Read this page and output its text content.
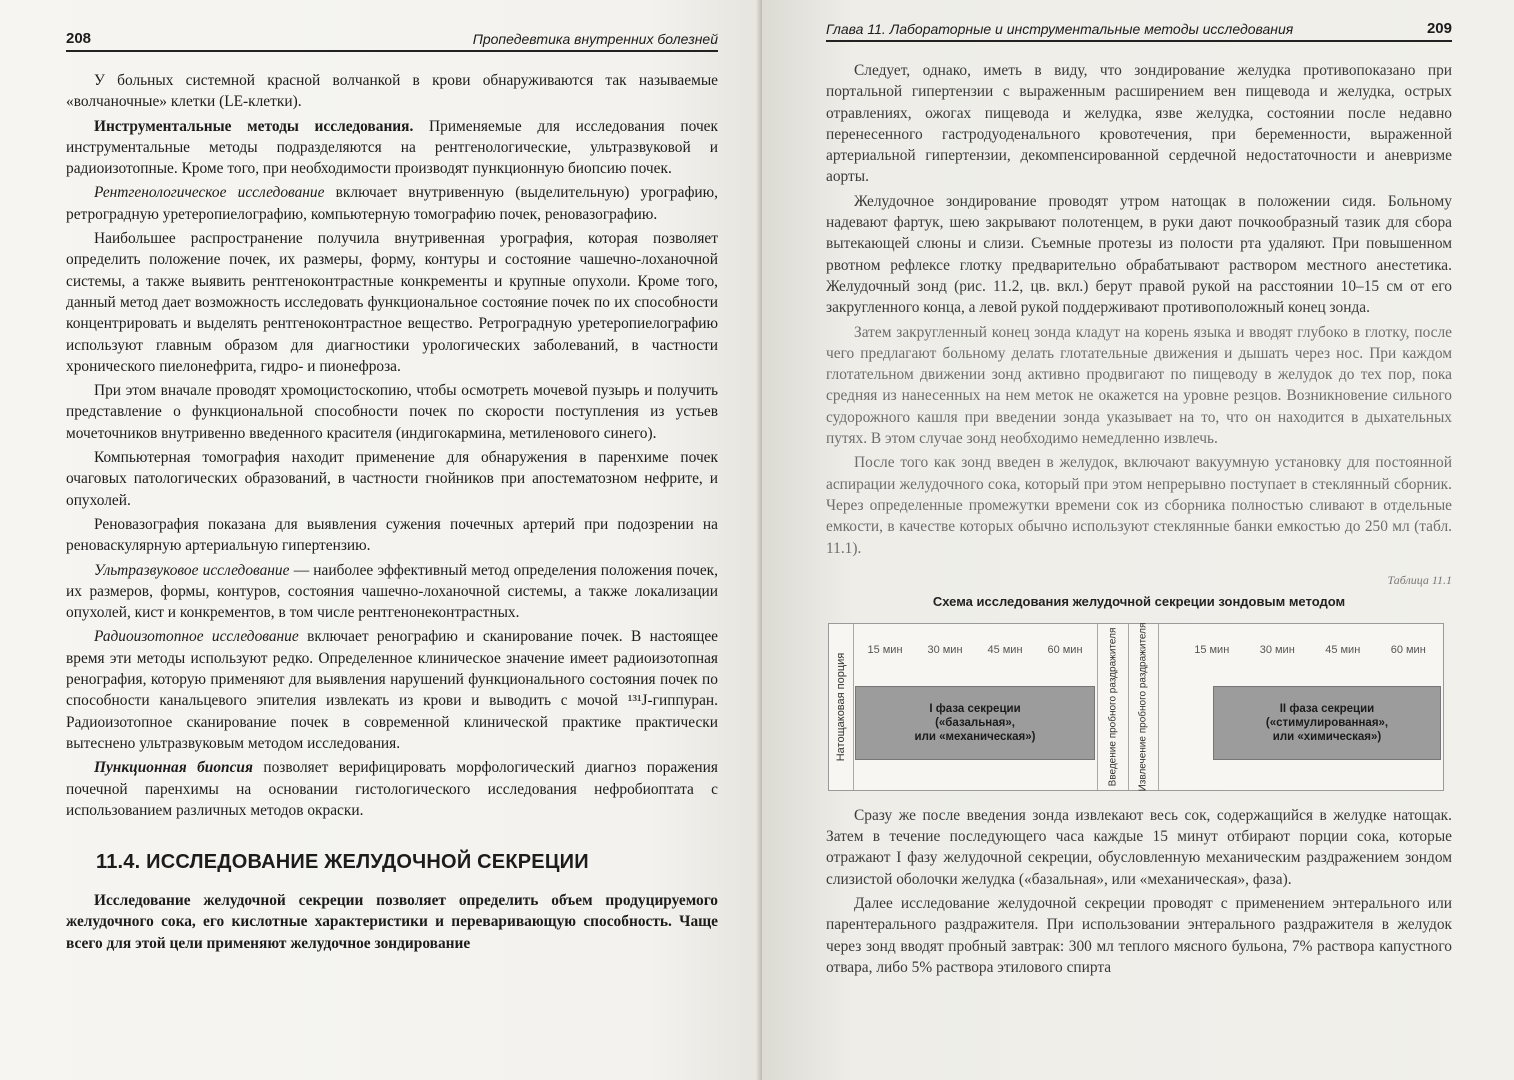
208	Пропедевтика внутренних болезней

У больных системной красной волчанкой в крови обнаруживаются так называемые «волчаночные» клетки (LE-клетки).

Инструментальные методы исследования. Применяемые для исследования почек инструментальные методы подразделяются на рентгенологические, ультразвуковой и радиоизотопные. Кроме того, при необходимости производят пункционную биопсию почек.

Рентгенологическое исследование включает внутривенную (выделительную) урографию, ретроградную уретеропиелографию, компьютерную томографию почек, реновазографию.

Наибольшее распространение получила внутривенная урография, которая позволяет определить положение почек, их размеры, форму, контуры и состояние чашечно-лоханочной системы, а также выявить рентгеноконтрастные конкременты и крупные опухоли. Кроме того, данный метод дает возможность исследовать функциональное состояние почек по их способности концентрировать и выделять рентгеноконтрастное вещество. Ретроградную уретеропиелографию используют главным образом для диагностики урологических заболеваний, в частности хронического пиелонефрита, гидро- и пионефроза.

При этом вначале проводят хромоцистоскопию, чтобы осмотреть мочевой пузырь и получить представление о функциональной способности почек по скорости поступления из устьев мочеточников внутривенно введенного красителя (индигокармина, метиленового синего).

Компьютерная томография находит применение для обнаружения в паренхиме почек очаговых патологических образований, в частности гнойников при апостематозном нефрите, и опухолей.

Реновазография показана для выявления сужения почечных артерий при подозрении на реноваскулярную артериальную гипертензию.

Ультразвуковое исследование — наиболее эффективный метод определения положения почек, их размеров, формы, контуров, состояния чашечно-лоханочной системы, а также локализации опухолей, кист и конкрементов, в том числе рентгенонеконтрастных.

Радиоизотопное исследование включает ренографию и сканирование почек. В настоящее время эти методы используют редко. Определенное клиническое значение имеет радиоизотопная ренография, которую применяют для выявления нарушений функционального состояния почек по способности канальцевого эпителия извлекать из крови и выводить с мочой ¹³¹J-гиппуран. Радиоизотопное сканирование почек в современной клинической практике практически вытеснено ультразвуковым методом исследования.

Пункционная биопсия позволяет верифицировать морфологический диагноз поражения почечной паренхимы на основании гистологического исследования нефробиоптата с использованием различных методов окраски.

11.4. ИССЛЕДОВАНИЕ ЖЕЛУДОЧНОЙ СЕКРЕЦИИ

Исследование желудочной секреции позволяет определить объем продуцируемого желудочного сока, его кислотные характеристики и переваривающую способность. Чаще всего для этой цели применяют желудочное зондирование

Глава 11. Лабораторные и инструментальные методы исследования	209

Следует, однако, иметь в виду, что зондирование желудка противопоказано при портальной гипертензии с выраженным расширением вен пищевода и желудка, острых отравлениях, ожогах пищевода и желудка, язве желудка, состоянии после недавно перенесенного гастродуоденального кровотечения, при беременности, выраженной артериальной гипертензии, декомпенсированной сердечной недостаточности и аневризме аорты.

Желудочное зондирование проводят утром натощак в положении сидя. Больному надевают фартук, шею закрывают полотенцем, в руки дают почкообразный тазик для сбора вытекающей слюны и слизи. Съемные протезы из полости рта удаляют. При повышенном рвотном рефлексе глотку предварительно обрабатывают раствором местного анестетика. Желудочный зонд (рис. 11.2, цв. вкл.) берут правой рукой на расстоянии 10–15 см от его закругленного конца, а левой рукой поддерживают противоположный конец зонда.

Затем закругленный конец зонда кладут на корень языка и вводят глубоко в глотку, после чего предлагают больному делать глотательные движения и дышать через нос. При каждом глотательном движении зонд активно продвигают по пищеводу в желудок до тех пор, пока средняя из нанесенных на нем меток не окажется на уровне резцов. Возникновение сильного судорожного кашля при введении зонда указывает на то, что он находится в дыхательных путях. В этом случае зонд необходимо немедленно извлечь.

После того как зонд введен в желудок, включают вакуумную установку для постоянной аспирации желудочного сока, который при этом непрерывно поступает в стеклянный сборник. Через определенные промежутки времени сок из сборника полностью сливают в отдельные емкости, в качестве которых обычно используют стеклянные банки емкостью до 250 мл (табл. 11.1).

Таблица 11.1
Схема исследования желудочной секреции зондовым методом
Натощаковая порция
15 мин 30 мин 45 мин 60 мин
I фаза секреции
(«базальная»,
или «механическая»)	Введение пробного раздражителя Извлечение пробного раздражителя	15 мин	30 мин	45 мин	60 мин
II фаза секреции
(«стимулированная»,
или «химическая»)

Сразу же после введения зонда извлекают весь сок, содержащийся в желудке натощак. Затем в течение последующего часа каждые 15 минут отбирают порции сока, которые отражают I фазу желудочной секреции, обусловленную механическим раздражением зондом слизистой оболочки желудка («базальная», или «механическая», фаза).

Далее исследование желудочной секреции проводят с применением энтерального или парентерального раздражителя. При использовании энтерального раздражителя в желудок через зонд вводят пробный завтрак: 300 мл теплого мясного бульона, 7% раствора капустного отвара, либо 5% раствора этилового спирта
